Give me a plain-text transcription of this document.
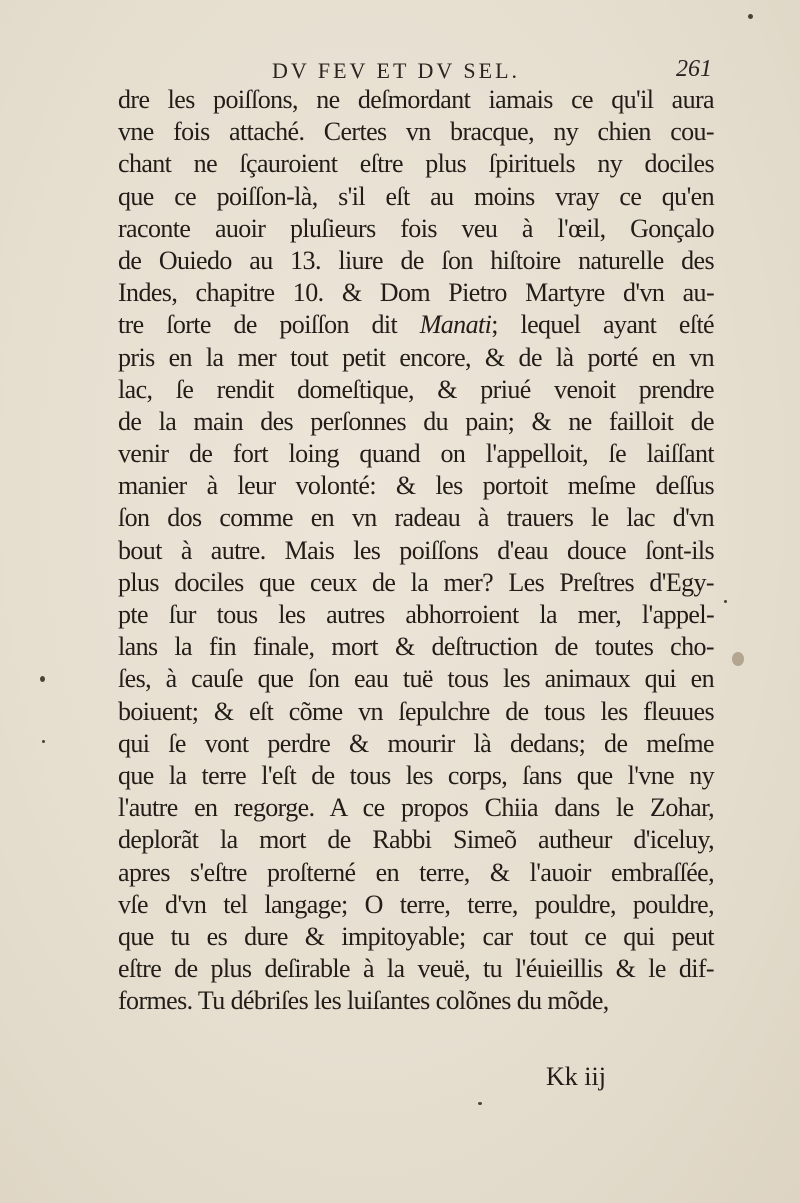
DV FEV ET DV SEL.	261
dre les poiſſons, ne deſmordant iamais ce qu'il aura
vne fois attaché. Certes vn bracque, ny chien cou-
chant ne ſçauroient eſtre plus ſpirituels ny dociles
que ce poiſſon-là, s'il eſt au moins vray ce qu'en
raconte auoir pluſieurs fois veu à l'œil, Gonçalo
de Ouiedo au 13. liure de ſon hiſtoire naturelle des
Indes, chapitre 10. & Dom Pietro Martyre d'vn au-
tre ſorte de poiſſon dit Manati; lequel ayant eſté
pris en la mer tout petit encore, & de là porté en vn
lac, ſe rendit domeſtique, & priué venoit prendre
de la main des perſonnes du pain; & ne failloit de
venir de fort loing quand on l'appelloit, ſe laiſſant
manier à leur volonté: & les portoit meſme deſſus
ſon dos comme en vn radeau à trauers le lac d'vn
bout à autre. Mais les poiſſons d'eau douce ſont-ils
plus dociles que ceux de la mer? Les Preſtres d'Egy-
pte ſur tous les autres abhorroient la mer, l'appel-
lans la fin finale, mort & deſtruction de toutes cho-
ſes, à cauſe que ſon eau tuë tous les animaux qui en
boiuent; & eſt cõme vn ſepulchre de tous les fleuues
qui ſe vont perdre & mourir là dedans; de meſme
que la terre l'eſt de tous les corps, ſans que l'vne ny
l'autre en regorge. A ce propos Chiia dans le Zohar,
deplorãt la mort de Rabbi Simeõ autheur d'iceluy,
apres s'eſtre proſterné en terre, & l'auoir embraſſée,
vſe d'vn tel langage; O terre, terre, pouldre, pouldre,
que tu es dure & impitoyable; car tout ce qui peut
eſtre de plus deſirable à la veuë, tu l'éuieillis & le dif-
formes. Tu débriſes les luiſantes colõnes du mõde,
Kk iij
